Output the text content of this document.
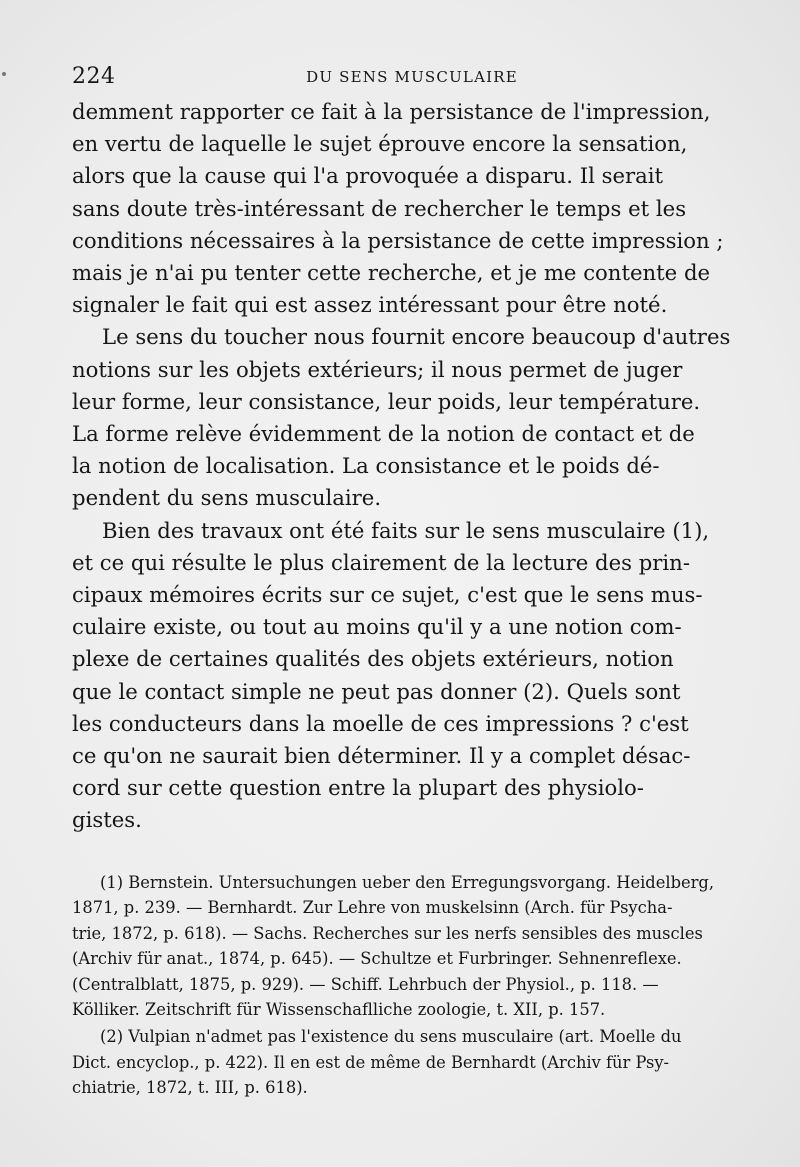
224	DU SENS MUSCULAIRE

demment rapporter ce fait à la persistance de l'impression,
en vertu de laquelle le sujet éprouve encore la sensation,
alors que la cause qui l'a provoquée a disparu. Il serait
sans doute très-intéressant de rechercher le temps et les
conditions nécessaires à la persistance de cette impression ;
mais je n'ai pu tenter cette recherche, et je me contente de
signaler le fait qui est assez intéressant pour être noté.

Le sens du toucher nous fournit encore beaucoup d'autres
notions sur les objets extérieurs; il nous permet de juger
leur forme, leur consistance, leur poids, leur température.
La forme relève évidemment de la notion de contact et de
la notion de localisation. La consistance et le poids dé-
pendent du sens musculaire.

Bien des travaux ont été faits sur le sens musculaire (1),
et ce qui résulte le plus clairement de la lecture des prin-
cipaux mémoires écrits sur ce sujet, c'est que le sens mus-
culaire existe, ou tout au moins qu'il y a une notion com-
plexe de certaines qualités des objets extérieurs, notion
que le contact simple ne peut pas donner (2). Quels sont
les conducteurs dans la moelle de ces impressions ? c'est
ce qu'on ne saurait bien déterminer. Il y a complet désac-
cord sur cette question entre la plupart des physiolo-
gistes.

(1) Bernstein. Untersuchungen ueber den Erregungsvorgang. Heidelberg,
1871, p. 239. — Bernhardt. Zur Lehre von muskelsinn (Arch. für Psycha-
trie, 1872, p. 618). — Sachs. Recherches sur les nerfs sensibles des muscles
(Archiv für anat., 1874, p. 645). — Schultze et Furbringer. Sehnenreflexe.
(Centralblatt, 1875, p. 929). — Schiff. Lehrbuch der Physiol., p. 118. —
Kölliker. Zeitschrift für Wissenschaflliche zoologie, t. XII, p. 157.

(2) Vulpian n'admet pas l'existence du sens musculaire (art. Moelle du
Dict. encyclop., p. 422). Il en est de même de Bernhardt (Archiv für Psy-
chiatrie, 1872, t. III, p. 618).
